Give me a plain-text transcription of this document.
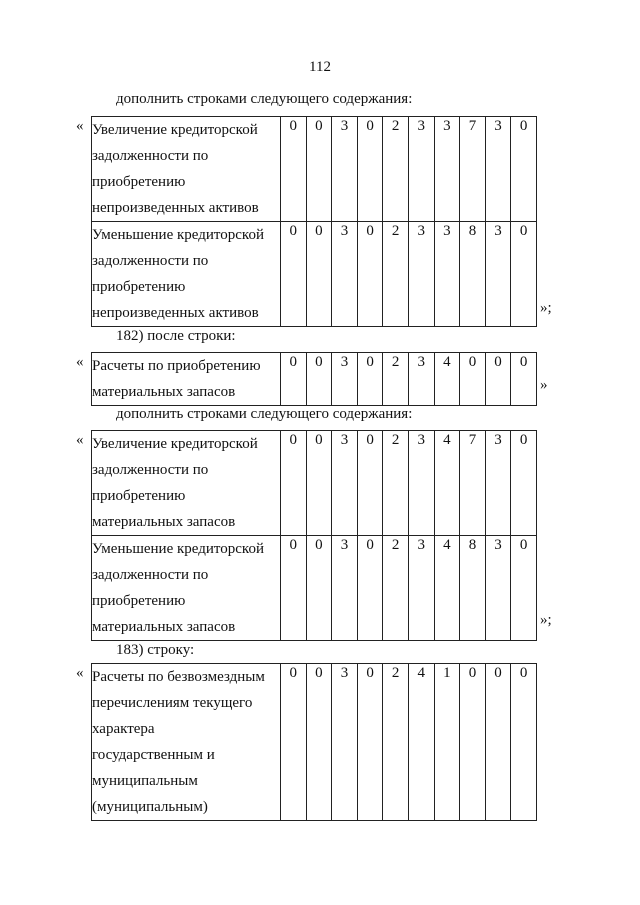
112
дополнить строками следующего содержания:
«
»;
Увеличение кредиторской
задолженности по
приобретению
непроизведенных активов	0	0	3	0	2	3	3	7	3	0

Уменьшение кредиторской
задолженности по
приобретению
непроизведенных активов	0	0	3	0	2	3	3	8	3	0
182) после строки:
«
»
Расчеты по приобретению
материальных запасов
	0	0	3	0	2	3	4	0	0	0
дополнить строками следующего содержания:
«
»;
Увеличение кредиторской
задолженности по
приобретению
материальных запасов	0	0	3	0	2	3	4	7	3	0

Уменьшение кредиторской
задолженности по
приобретению
материальных запасов	0	0	3	0	2	3	4	8	3	0
183) строку:
« Расчеты по безвозмездным
перечислениям текущего
характера
государственным и
муниципальным
(муниципальным)
	0	0	3	0	2	4	1	0	0	0
